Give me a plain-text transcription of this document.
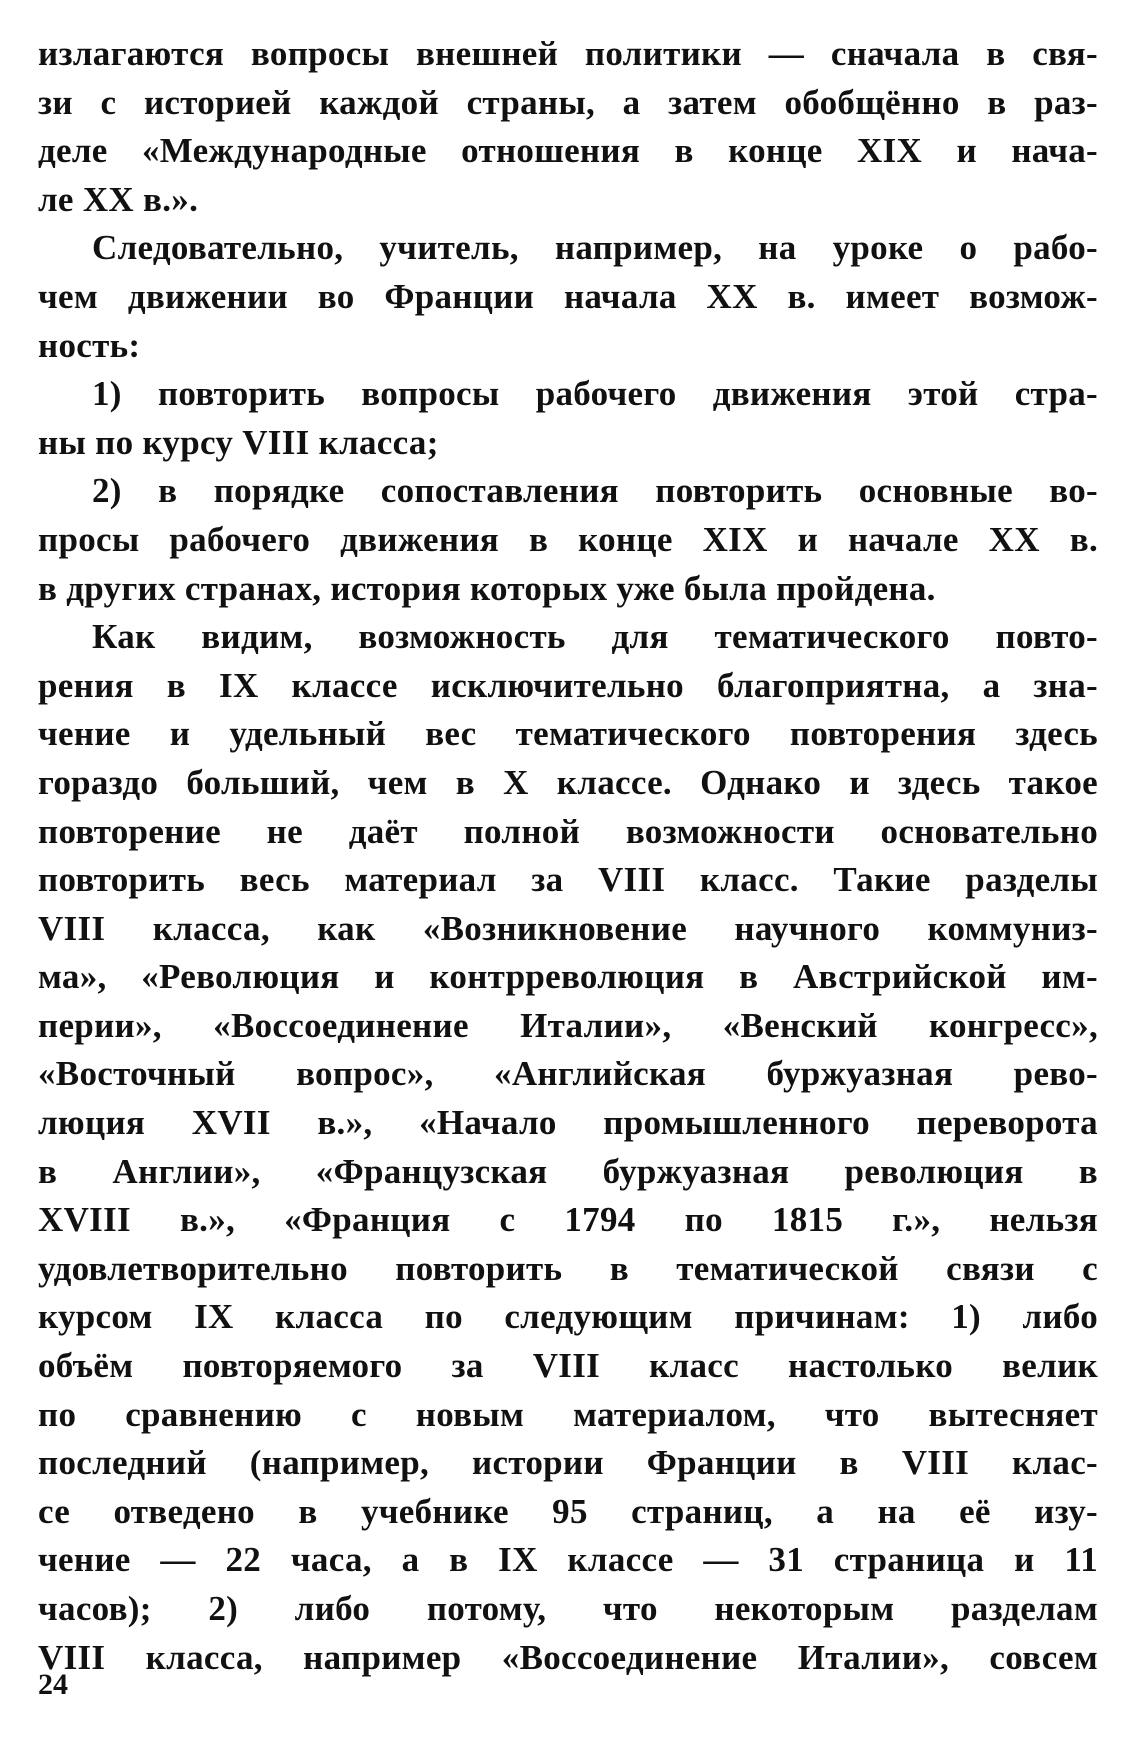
излагаются вопросы внешней политики — сначала в свя-
зи с историей каждой страны, а затем обобщённо в раз-
деле «Международные отношения в конце XIX и нача-
ле XX в.».
Следовательно, учитель, например, на уроке о рабо-
чем движении во Франции начала XX в. имеет возмож-
ность:
1) повторить вопросы рабочего движения этой стра-
ны по курсу VIII класса;
2) в порядке сопоставления повторить основные во-
просы рабочего движения в конце XIX и начале XX в.
в других странах, история которых уже была пройдена.
Как видим, возможность для тематического повто-
рения в IX классе исключительно благоприятна, а зна-
чение и удельный вес тематического повторения здесь
гораздо больший, чем в X классе. Однако и здесь такое
повторение не даёт полной возможности основательно
повторить весь материал за VIII класс. Такие разделы
VIII класса, как «Возникновение научного коммуниз-
ма», «Революция и контрреволюция в Австрийской им-
перии», «Воссоединение Италии», «Венский конгресс»,
«Восточный вопрос», «Английская буржуазная рево-
люция XVII в.», «Начало промышленного переворота
в Англии», «Французская буржуазная революция в
XVIII в.», «Франция с 1794 по 1815 г.», нельзя
удовлетворительно повторить в тематической связи с
курсом IX класса по следующим причинам: 1) либо
объём повторяемого за VIII класс настолько велик
по сравнению с новым материалом, что вытесняет
последний (например, истории Франции в VIII клас-
се отведено в учебнике 95 страниц, а на её изу-
чение — 22 часа, а в IX классе — 31 страница и 11
часов); 2) либо потому, что некоторым разделам
VIII класса, например «Воссоединение Италии», совсем
24
